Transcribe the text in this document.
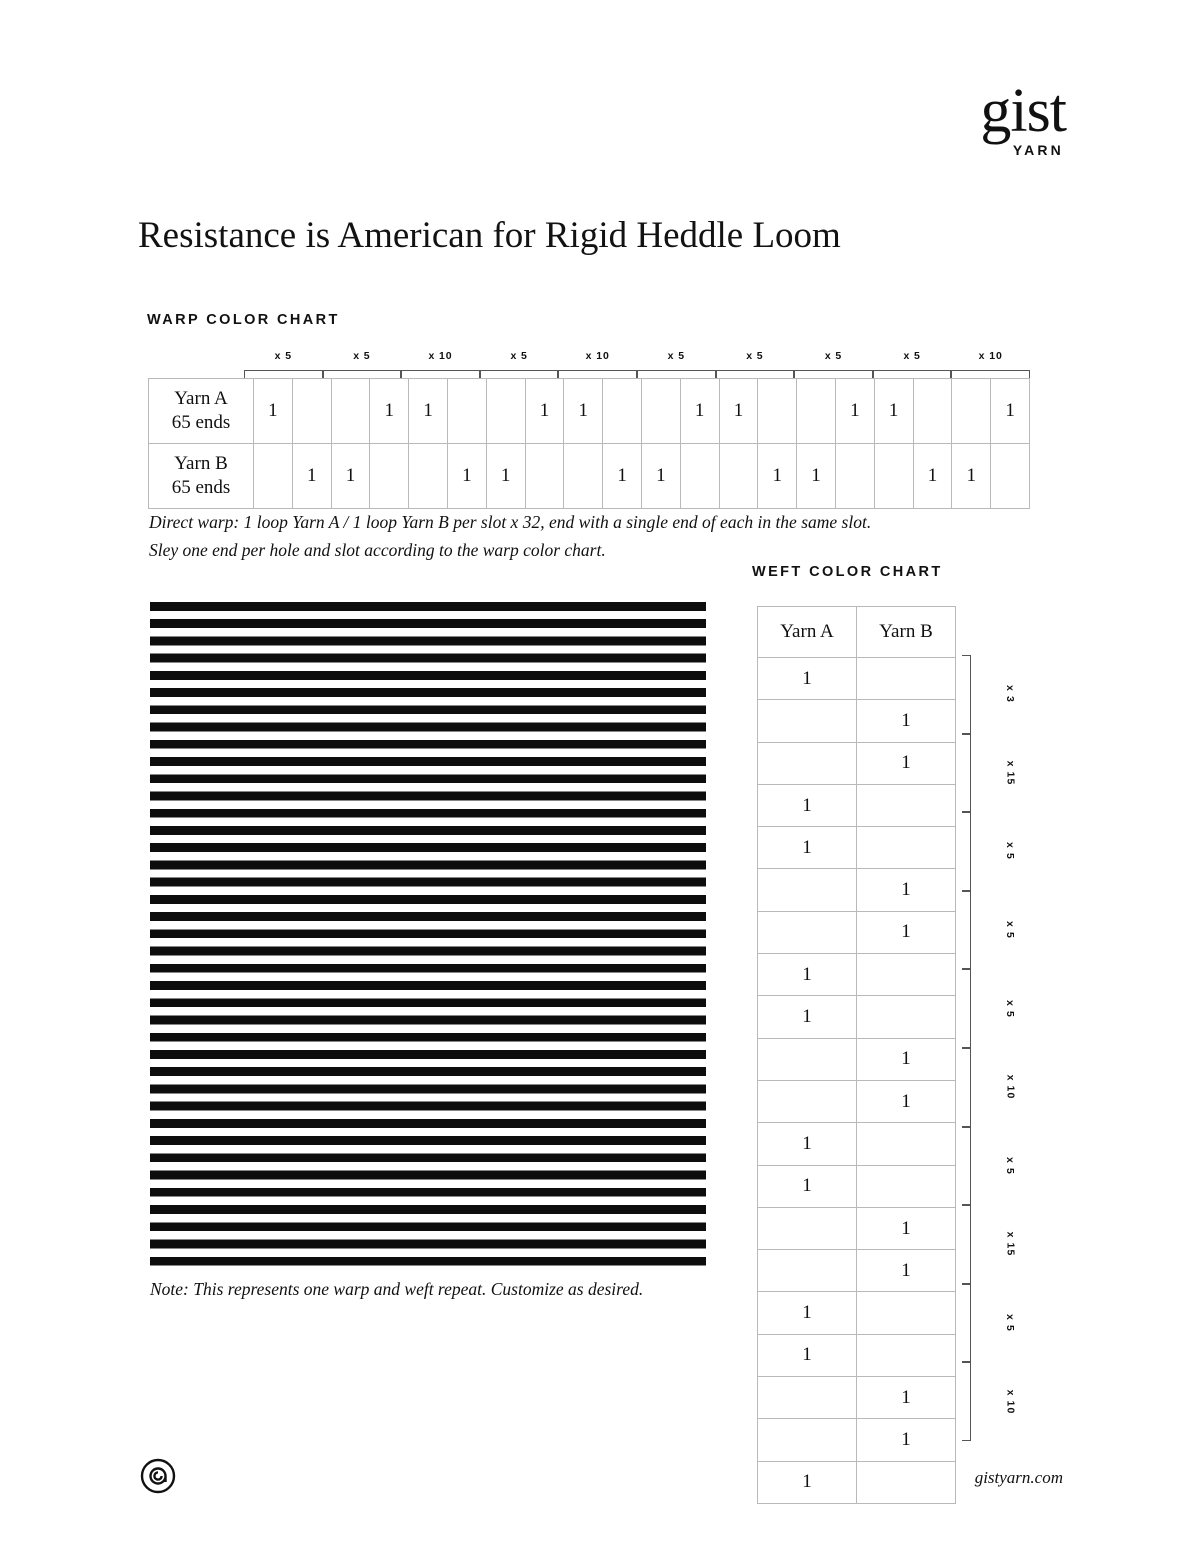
gist
YARN
Resistance is American for Rigid Heddle Loom
WARP COLOR CHART
x 5	x 5	x 10	x 5	x 10	x 5	x 5	x 5	x 5	x 10
Yarn A
65 ends	1			1	1			1	1			1	1			1	1			1
Yarn B
65 ends		1	1			1	1			1	1			1	1			1	1	
Direct warp: 1 loop Yarn A / 1 loop Yarn B per slot x 32, end with a single end of each in the same slot.
Sley one end per hole and slot according to the warp color chart.
Note: This represents one warp and weft repeat. Customize as desired.
WEFT COLOR CHART
Yarn A	Yarn B
1	
	1
	1
1	
1	
	1
	1
1	
1	
	1
	1
1	
1	
	1
	1
1	
1	
	1
	1
1	
x 3
x 15
x 5
x 5
x 5
x 10
x 5
x 15
x 5
x 10
gistyarn.com
